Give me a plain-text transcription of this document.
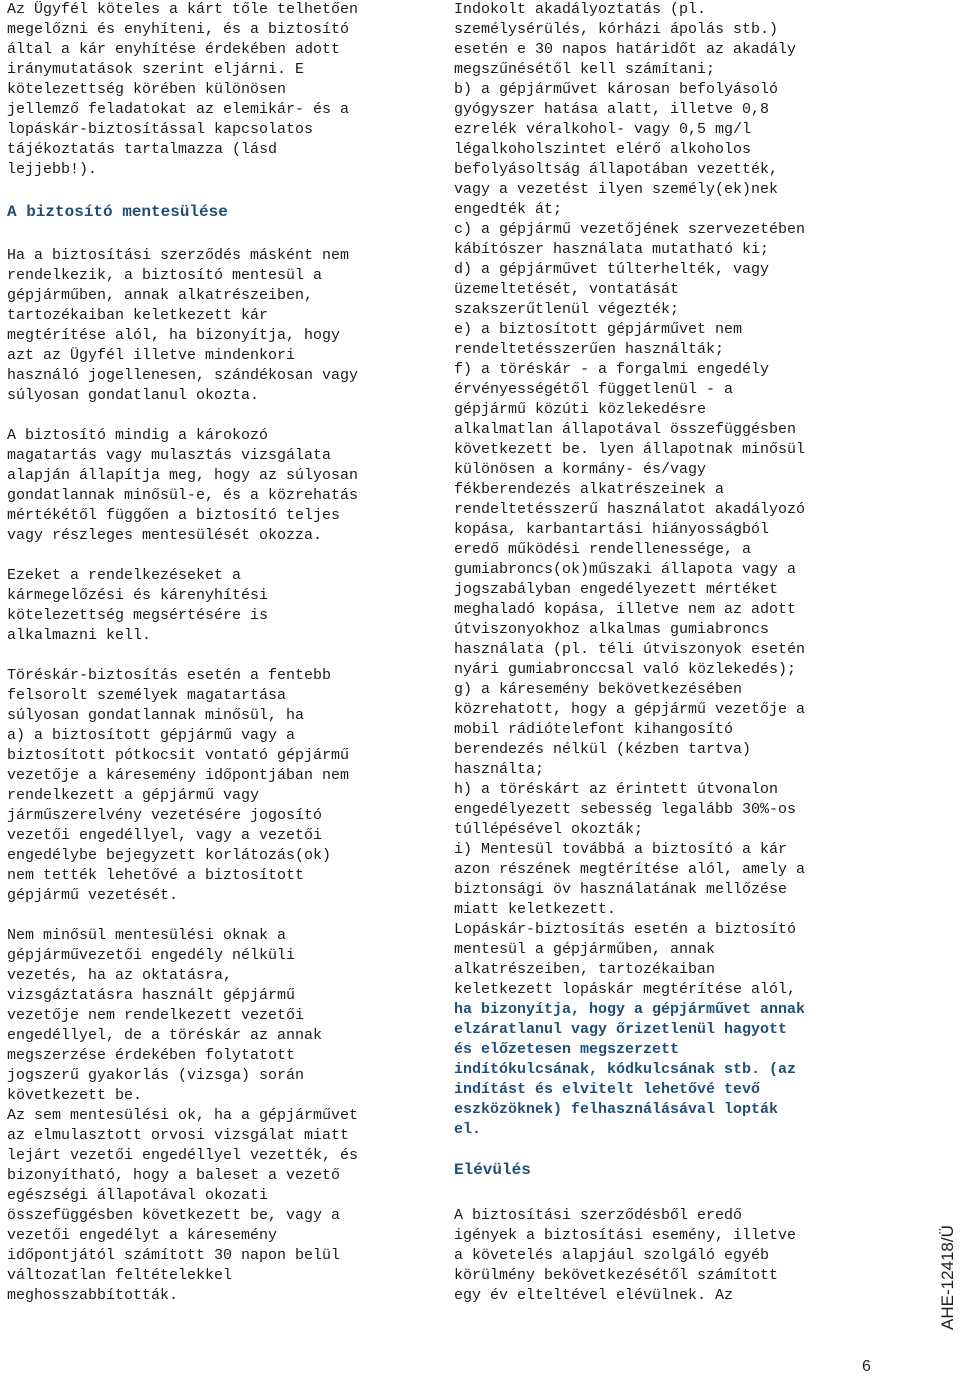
Az Ügyfél köteles a kárt tőle telhetően

megelőzni és enyhíteni, és a biztosító

által a kár enyhítése érdekében adott

iránymutatások szerint eljárni. E

kötelezettség körében különösen

jellemző feladatokat az elemikár- és a

lopáskár-biztosítással kapcsolatos

tájékoztatás tartalmazza (lásd

lejjebb!).

A biztosító mentesülése

Ha a biztosítási szerződés másként nem

rendelkezik, a biztosító mentesül a

gépjárműben, annak alkatrészeiben,

tartozékaiban keletkezett kár

megtérítése alól, ha bizonyítja, hogy

azt az Ügyfél illetve mindenkori

használó jogellenesen, szándékosan vagy

súlyosan gondatlanul okozta.

A biztosító mindig a károkozó

magatartás vagy mulasztás vizsgálata

alapján állapítja meg, hogy az súlyosan

gondatlannak minősül-e, és a közrehatás

mértékétől függően a biztosító teljes

vagy részleges mentesülését okozza.

Ezeket a rendelkezéseket a

kármegelőzési és kárenyhítési

kötelezettség megsértésére is

alkalmazni kell.

Töréskár-biztosítás esetén a fentebb

felsorolt személyek magatartása

súlyosan gondatlannak minősül, ha

a) a biztosított gépjármű vagy a

biztosított pótkocsit vontató gépjármű

vezetője a káresemény időpontjában nem

rendelkezett a gépjármű vagy

járműszerelvény vezetésére jogosító

vezetői engedéllyel, vagy a vezetői

engedélybe bejegyzett korlátozás(ok)

nem tették lehetővé a biztosított

gépjármű vezetését.

Nem minősül mentesülési oknak a

gépjárművezetői engedély nélküli

vezetés, ha az oktatásra,

vizsgáztatásra használt gépjármű

vezetője nem rendelkezett vezetői

engedéllyel, de a töréskár az annak

megszerzése érdekében folytatott

jogszerű gyakorlás (vizsga) során

következett be.

Az sem mentesülési ok, ha a gépjárművet

az elmulasztott orvosi vizsgálat miatt

lejárt vezetői engedéllyel vezették, és

bizonyítható, hogy a baleset a vezető

egészségi állapotával okozati

összefüggésben következett be, vagy a

vezetői engedélyt a káresemény

időpontjától számított 30 napon belül

változatlan feltételekkel

meghosszabbították.

Indokolt akadályoztatás (pl.

személysérülés, kórházi ápolás stb.)

esetén e 30 napos határidőt az akadály

megszűnésétől kell számítani;

b) a gépjárművet károsan befolyásoló

gyógyszer hatása alatt, illetve 0,8

ezrelék véralkohol- vagy 0,5 mg/l

légalkoholszintet elérő alkoholos

befolyásoltság állapotában vezették,

vagy a vezetést ilyen személy(ek)nek

engedték át;

c) a gépjármű vezetőjének szervezetében

kábítószer használata mutatható ki;

d) a gépjárművet túlterhelték, vagy

üzemeltetését, vontatását

szakszerűtlenül végezték;

e) a biztosított gépjárművet nem

rendeltetésszerűen használták;

f) a töréskár - a forgalmi engedély

érvényességétől függetlenül - a

gépjármű közúti közlekedésre

alkalmatlan állapotával összefüggésben

következett be. lyen állapotnak minősül

különösen a kormány- és/vagy

fékberendezés alkatrészeinek a

rendeltetésszerű használatot akadályozó

kopása, karbantartási hiányosságból

eredő működési rendellenessége, a

gumiabroncs(ok)műszaki állapota vagy a

jogszabályban engedélyezett mértéket

meghaladó kopása, illetve nem az adott

útviszonyokhoz alkalmas gumiabroncs

használata (pl. téli útviszonyok esetén

nyári gumiabronccsal való közlekedés);

g) a káresemény bekövetkezésében

közrehatott, hogy a gépjármű vezetője a

mobil rádiótelefont kihangosító

berendezés nélkül (kézben tartva)

használta;

h) a töréskárt az érintett útvonalon

engedélyezett sebesség legalább 30%-os

túllépésével okozták;

i) Mentesül továbbá a biztosító a kár

azon részének megtérítése alól, amely a

biztonsági öv használatának mellőzése

miatt keletkezett.

Lopáskár-biztosítás esetén a biztosító

mentesül a gépjárműben, annak

alkatrészeiben, tartozékaiban

keletkezett lopáskár megtérítése alól,

ha bizonyítja, hogy a gépjárművet annak

elzáratlanul vagy őrizetlenül hagyott

és előzetesen megszerzett

indítókulcsának, kódkulcsának stb. (az

indítást és elvitelt lehetővé tevő

eszközöknek) felhasználásával lopták

el.

Elévülés

A biztosítási szerződésből eredő

igények a biztosítási esemény, illetve

a követelés alapjául szolgáló egyéb

körülmény bekövetkezésétől számított

egy év elteltével elévülnek. Az	AHE-12418/Ü
6
